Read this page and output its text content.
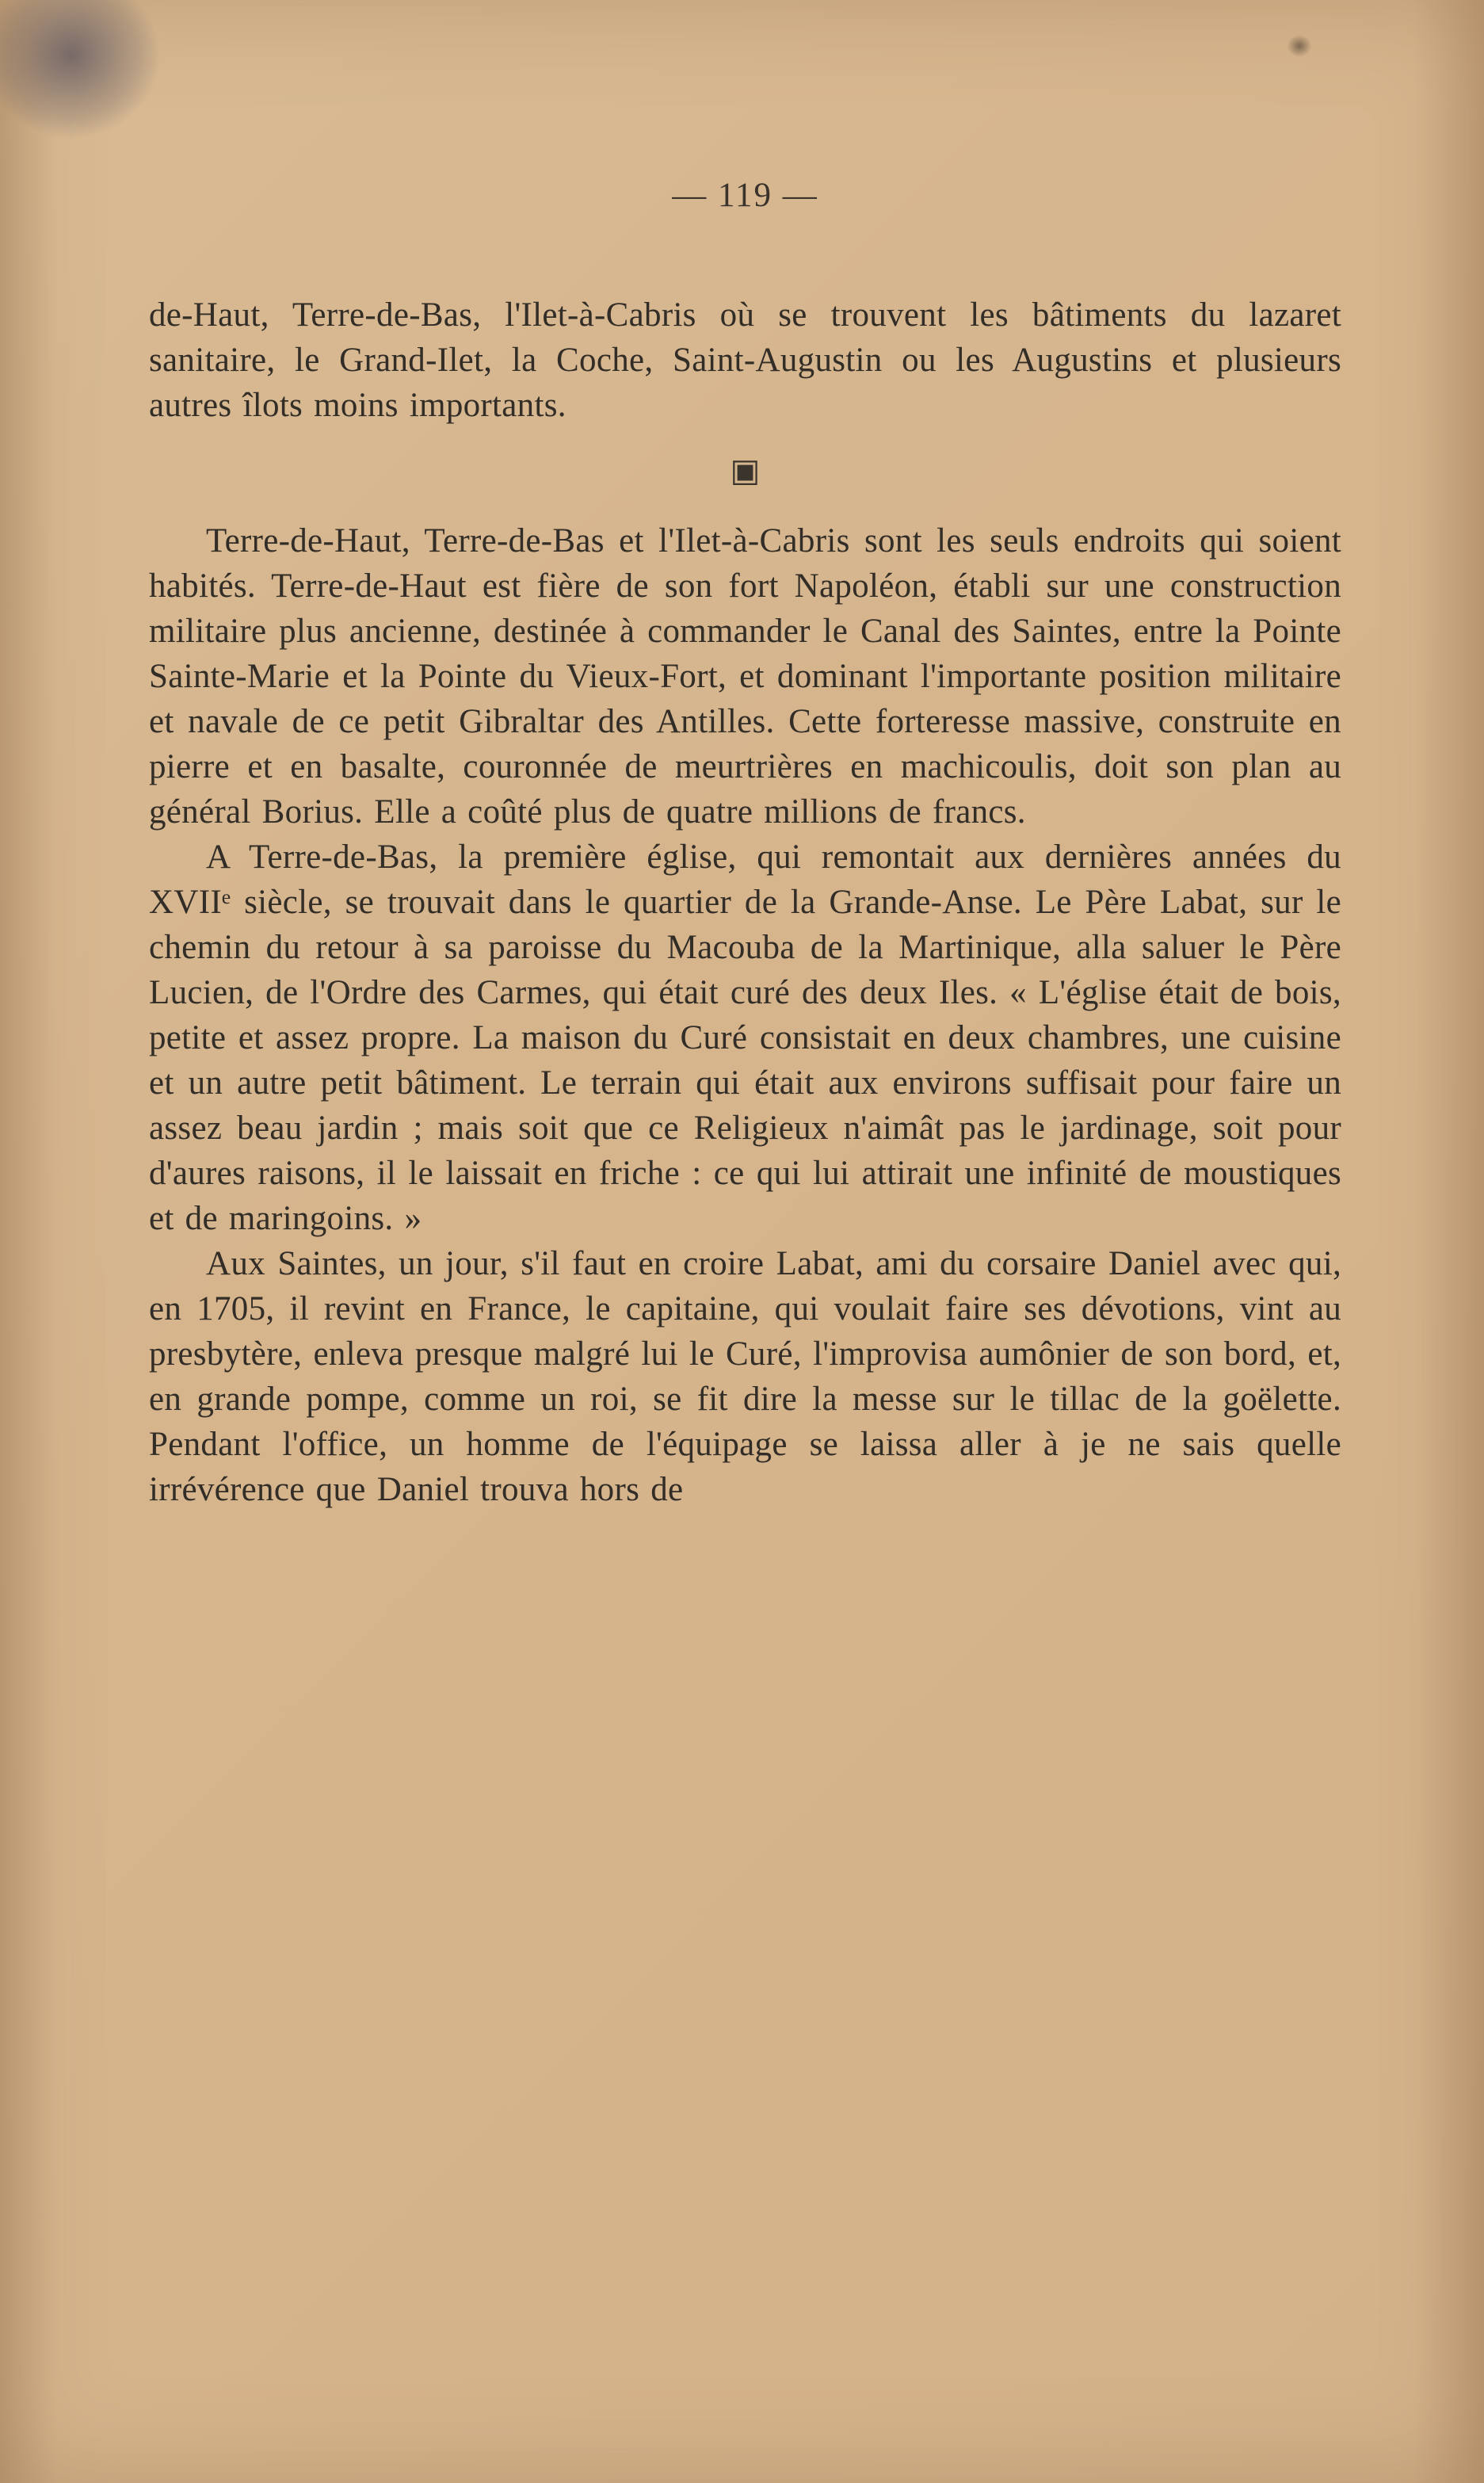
— 119 —

de-Haut, Terre-de-Bas, l'Ilet-à-Cabris où se trouvent les bâtiments du lazaret sanitaire, le Grand-Ilet, la Coche, Saint-Augustin ou les Augustins et plusieurs autres îlots moins importants.

▣

Terre-de-Haut, Terre-de-Bas et l'Ilet-à-Cabris sont les seuls endroits qui soient habités. Terre-de-Haut est fière de son fort Napoléon, établi sur une construction militaire plus ancienne, destinée à commander le Canal des Saintes, entre la Pointe Sainte-Marie et la Pointe du Vieux-Fort, et dominant l'importante position militaire et navale de ce petit Gibraltar des Antilles. Cette forteresse massive, construite en pierre et en basalte, couronnée de meurtrières en machicoulis, doit son plan au général Borius. Elle a coûté plus de quatre millions de francs.

A Terre-de-Bas, la première église, qui remontait aux dernières années du XVIIᵉ siècle, se trouvait dans le quartier de la Grande-Anse. Le Père Labat, sur le chemin du retour à sa paroisse du Macouba de la Martinique, alla saluer le Père Lucien, de l'Ordre des Carmes, qui était curé des deux Iles. « L'église était de bois, petite et assez propre. La maison du Curé consistait en deux chambres, une cuisine et un autre petit bâtiment. Le terrain qui était aux environs suffisait pour faire un assez beau jardin ; mais soit que ce Religieux n'aimât pas le jardinage, soit pour d'aures raisons, il le laissait en friche : ce qui lui attirait une infinité de moustiques et de maringoins. »

Aux Saintes, un jour, s'il faut en croire Labat, ami du corsaire Daniel avec qui, en 1705, il revint en France, le capitaine, qui voulait faire ses dévotions, vint au presbytère, enleva presque malgré lui le Curé, l'improvisa aumônier de son bord, et, en grande pompe, comme un roi, se fit dire la messe sur le tillac de la goëlette. Pendant l'office, un homme de l'équipage se laissa aller à je ne sais quelle irrévérence que Daniel trouva hors de
